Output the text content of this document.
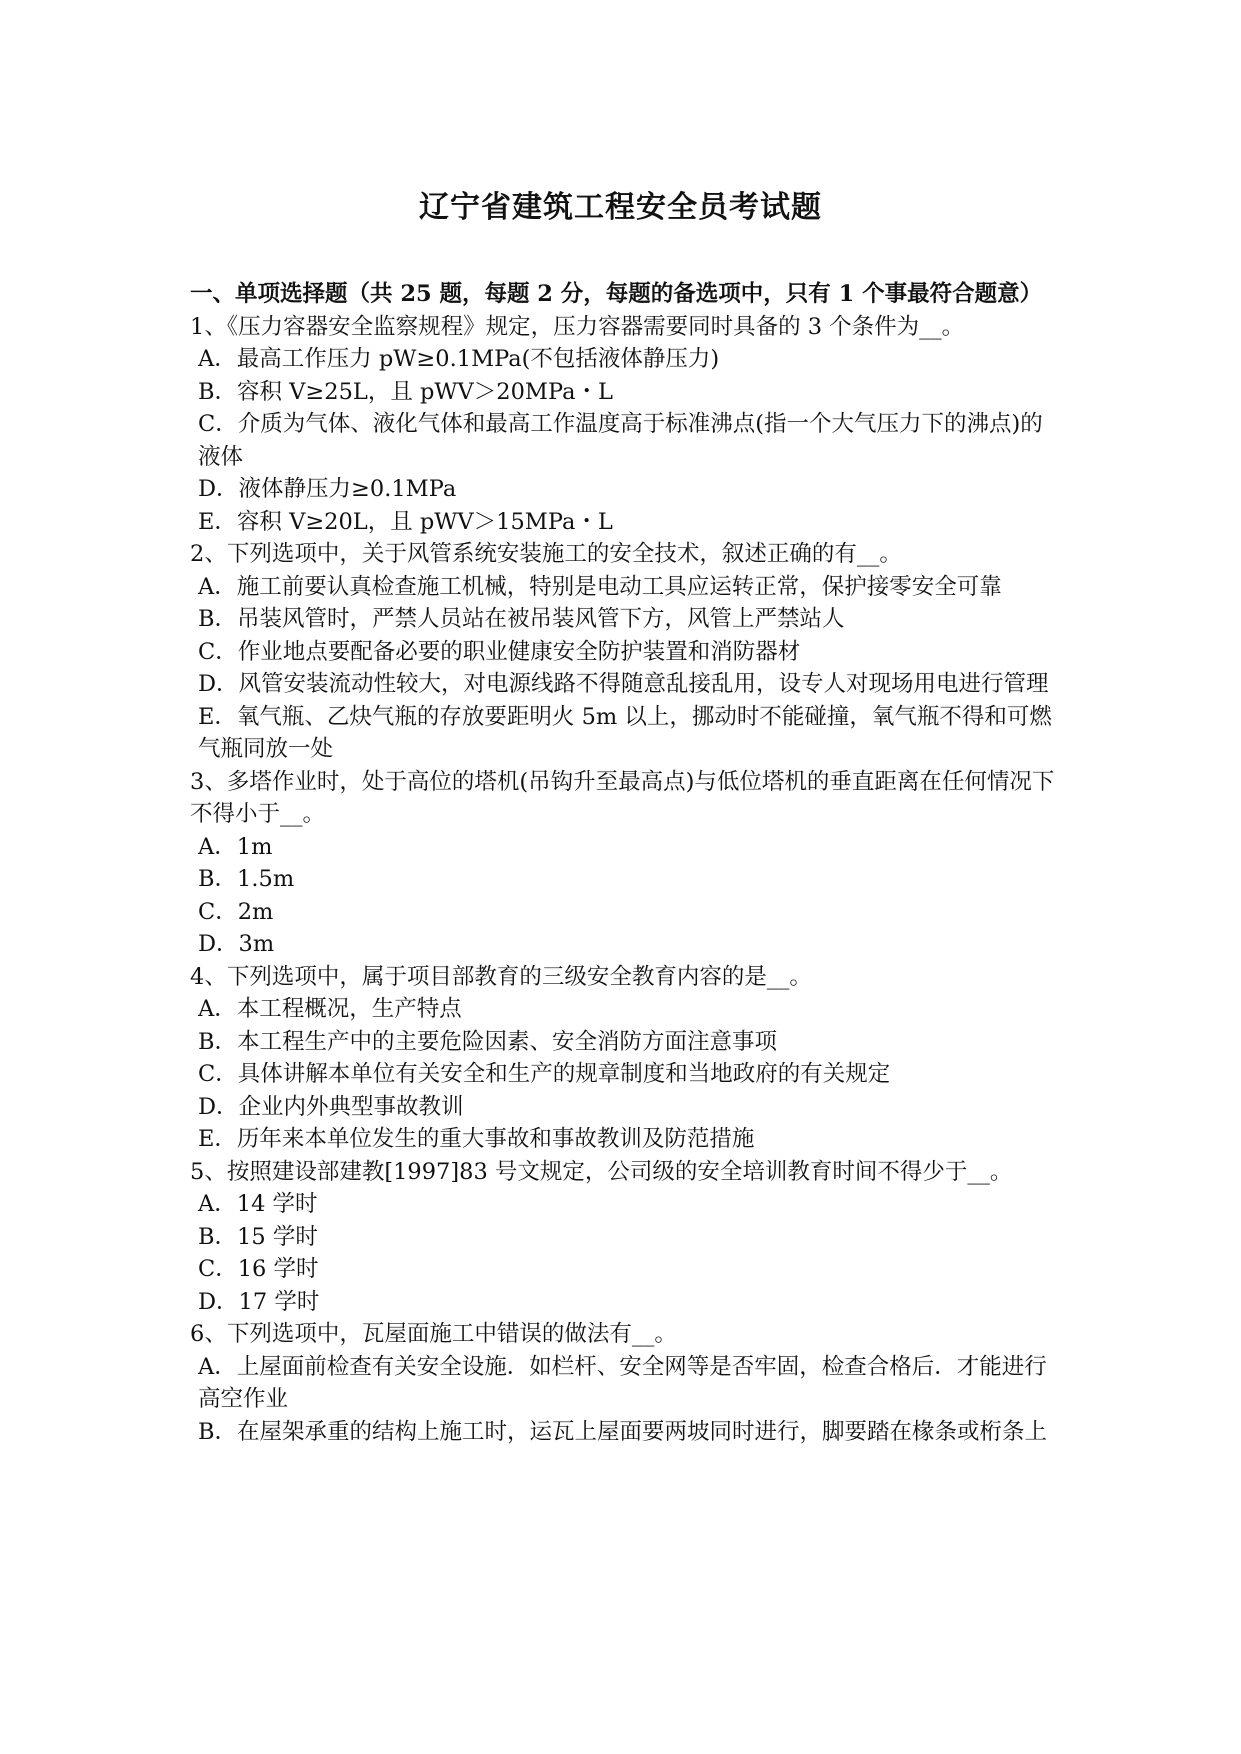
辽宁省建筑工程安全员考试题
一、单项选择题（共 25 题，每题 2 分，每题的备选项中，只有 1 个事最符合题意）
1、《压力容器安全监察规程》规定，压力容器需要同时具备的 3 个条件为__。
A．最高工作压力 pW≥0.1MPa(不包括液体静压力)
B．容积 V≥25L，且 pWV＞20MPa・L
C．介质为气体、液化气体和最高工作温度高于标准沸点(指一个大气压力下的沸点)的液体
D．液体静压力≥0.1MPa
E．容积 V≥20L，且 pWV＞15MPa・L
2、下列选项中，关于风管系统安装施工的安全技术，叙述正确的有__。
A．施工前要认真检查施工机械，特别是电动工具应运转正常，保护接零安全可靠
B．吊装风管时，严禁人员站在被吊装风管下方，风管上严禁站人
C．作业地点要配备必要的职业健康安全防护装置和消防器材
D．风管安装流动性较大，对电源线路不得随意乱接乱用，设专人对现场用电进行管理
E．氧气瓶、乙炔气瓶的存放要距明火 5m 以上，挪动时不能碰撞，氧气瓶不得和可燃气瓶同放一处
3、多塔作业时，处于高位的塔机(吊钩升至最高点)与低位塔机的垂直距离在任何情况下不得小于__。
A．1m
B．1.5m
C．2m
D．3m
4、下列选项中，属于项目部教育的三级安全教育内容的是__。
A．本工程概况，生产特点
B．本工程生产中的主要危险因素、安全消防方面注意事项
C．具体讲解本单位有关安全和生产的规章制度和当地政府的有关规定
D．企业内外典型事故教训
E．历年来本单位发生的重大事故和事故教训及防范措施
5、按照建设部建教[1997]83 号文规定，公司级的安全培训教育时间不得少于__。
A．14 学时
B．15 学时
C．16 学时
D．17 学时
6、下列选项中，瓦屋面施工中错误的做法有__。
A．上屋面前检查有关安全设施．如栏杆、安全网等是否牢固，检查合格后．才能进行高空作业
B．在屋架承重的结构上施工时，运瓦上屋面要两坡同时进行，脚要踏在椽条或桁条上
